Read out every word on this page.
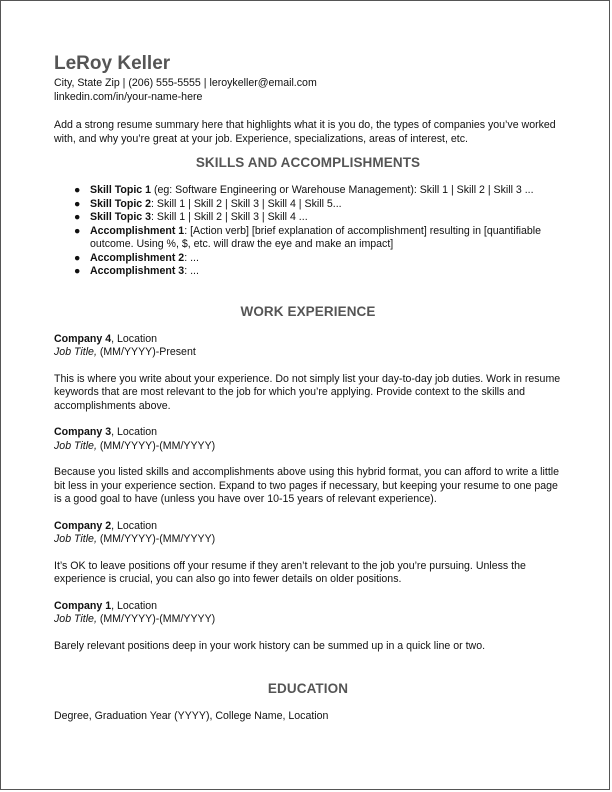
LeRoy Keller
City, State Zip | (206) 555-5555 | leroykeller@email.com
linkedin.com/in/your-name-here
Add a strong resume summary here that highlights what it is you do, the types of companies you’ve worked with, and why you’re great at your job. Experience, specializations, areas of interest, etc.
SKILLS AND ACCOMPLISHMENTS
● Skill Topic 1 (eg: Software Engineering or Warehouse Management): Skill 1 | Skill 2 | Skill 3 ...
● Skill Topic 2: Skill 1 | Skill 2 | Skill 3 | Skill 4 | Skill 5...
● Skill Topic 3: Skill 1 | Skill 2 | Skill 3 | Skill 4 ...
● Accomplishment 1: [Action verb] [brief explanation of accomplishment] resulting in [quantifiable outcome. Using %, $, etc. will draw the eye and make an impact]
● Accomplishment 2: ...
● Accomplishment 3: ...
WORK EXPERIENCE
Company 4, Location
Job Title, (MM/YYYY)-Present
This is where you write about your experience. Do not simply list your day-to-day job duties. Work in resume keywords that are most relevant to the job for which you’re applying. Provide context to the skills and accomplishments above.
Company 3, Location
Job Title, (MM/YYYY)-(MM/YYYY)
Because you listed skills and accomplishments above using this hybrid format, you can afford to write a little bit less in your experience section. Expand to two pages if necessary, but keeping your resume to one page is a good goal to have (unless you have over 10-15 years of relevant experience).
Company 2, Location
Job Title, (MM/YYYY)-(MM/YYYY)
It’s OK to leave positions off your resume if they aren’t relevant to the job you’re pursuing. Unless the experience is crucial, you can also go into fewer details on older positions.
Company 1, Location
Job Title, (MM/YYYY)-(MM/YYYY)
Barely relevant positions deep in your work history can be summed up in a quick line or two.
EDUCATION
Degree, Graduation Year (YYYY), College Name, Location
